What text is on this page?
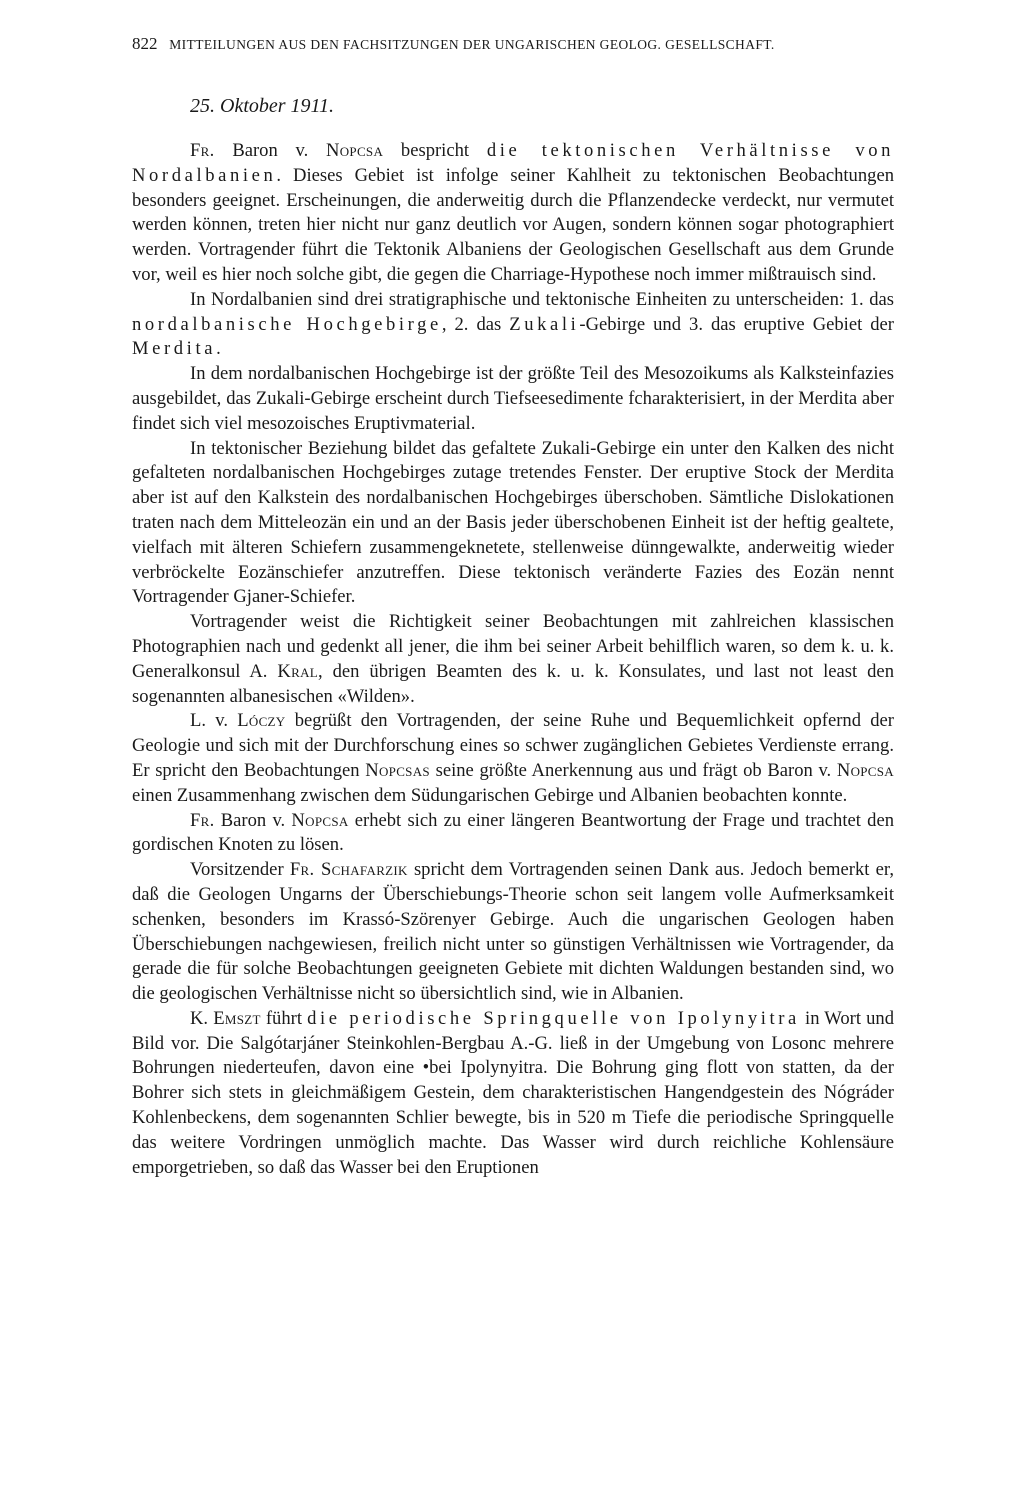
822 MITTEILUNGEN AUS DEN FACHSITZUNGEN DER UNGARISCHEN GEOLOG. GESELLSCHAFT.
25. Oktober 1911.

Fr. Baron v. Nopcsa bespricht die tektonischen Verhältnisse von Nordalbanien. Dieses Gebiet ist infolge seiner Kahlheit zu tektonischen Beobachtungen besonders geeignet. Erscheinungen, die anderweitig durch die Pflanzendecke verdeckt, nur vermutet werden können, treten hier nicht nur ganz deutlich vor Augen, sondern können sogar photographiert werden. Vortragender führt die Tektonik Albaniens der Geologischen Gesellschaft aus dem Grunde vor, weil es hier noch solche gibt, die gegen die Charriage-Hypothese noch immer mißtrauisch sind.

In Nordalbanien sind drei stratigraphische und tektonische Einheiten zu unterscheiden: 1. das nordalbanische Hochgebirge, 2. das Zukali-Gebirge und 3. das eruptive Gebiet der Merdita.

In dem nordalbanischen Hochgebirge ist der größte Teil des Mesozoikums als Kalksteinfazies ausgebildet, das Zukali-Gebirge erscheint durch Tiefseesedimente fcharakterisiert, in der Merdita aber findet sich viel mesozoisches Eruptivmaterial.

In tektonischer Beziehung bildet das gefaltete Zukali-Gebirge ein unter den Kalken des nicht gefalteten nordalbanischen Hochgebirges zutage tretendes Fenster. Der eruptive Stock der Merdita aber ist auf den Kalkstein des nordalbanischen Hochgebirges überschoben. Sämtliche Dislokationen traten nach dem Mitteleozän ein und an der Basis jeder überschobenen Einheit ist der heftig gealtete, vielfach mit älteren Schiefern zusammengeknetete, stellenweise dünngewalkte, anderweitig wieder verbröckelte Eozänschiefer anzutreffen. Diese tektonisch veränderte Fazies des Eozän nennt Vortragender Gjaner-Schiefer.

Vortragender weist die Richtigkeit seiner Beobachtungen mit zahlreichen klassischen Photographien nach und gedenkt all jener, die ihm bei seiner Arbeit behilflich waren, so dem k. u. k. Generalkonsul A. Kral, den übrigen Beamten des k. u. k. Konsulates, und last not least den sogenannten albanesischen «Wilden».

L. v. Lóczy begrüßt den Vortragenden, der seine Ruhe und Bequemlichkeit opfernd der Geologie und sich mit der Durchforschung eines so schwer zugänglichen Gebietes Verdienste errang. Er spricht den Beobachtungen Nopcsas seine größte Anerkennung aus und frägt ob Baron v. Nopcsa einen Zusammenhang zwischen dem Südungarischen Gebirge und Albanien beobachten konnte.

Fr. Baron v. Nopcsa erhebt sich zu einer längeren Beantwortung der Frage und trachtet den gordischen Knoten zu lösen.

Vorsitzender Fr. Schafarzik spricht dem Vortragenden seinen Dank aus. Jedoch bemerkt er, daß die Geologen Ungarns der Überschiebungs-Theorie schon seit langem volle Aufmerksamkeit schenken, besonders im Krassó-Szörenyer Gebirge. Auch die ungarischen Geologen haben Überschiebungen nachgewiesen, freilich nicht unter so günstigen Verhältnissen wie Vortragender, da gerade die für solche Beobachtungen geeigneten Gebiete mit dichten Waldungen bestanden sind, wo die geologischen Verhältnisse nicht so übersichtlich sind, wie in Albanien.

K. Emszt führt die periodische Springquelle von Ipolynyitra in Wort und Bild vor. Die Salgótarjáner Steinkohlen-Bergbau A.-G. ließ in der Umgebung von Losonc mehrere Bohrungen niederteufen, davon eine •bei Ipolynyitra. Die Bohrung ging flott von statten, da der Bohrer sich stets in gleichmäßigem Gestein, dem charakteristischen Hangendgestein des Nógráder Kohlenbeckens, dem sogenannten Schlier bewegte, bis in 520 m Tiefe die periodische Springquelle das weitere Vordringen unmöglich machte. Das Wasser wird durch reichliche Kohlensäure emporgetrieben, so daß das Wasser bei den Eruptionen
